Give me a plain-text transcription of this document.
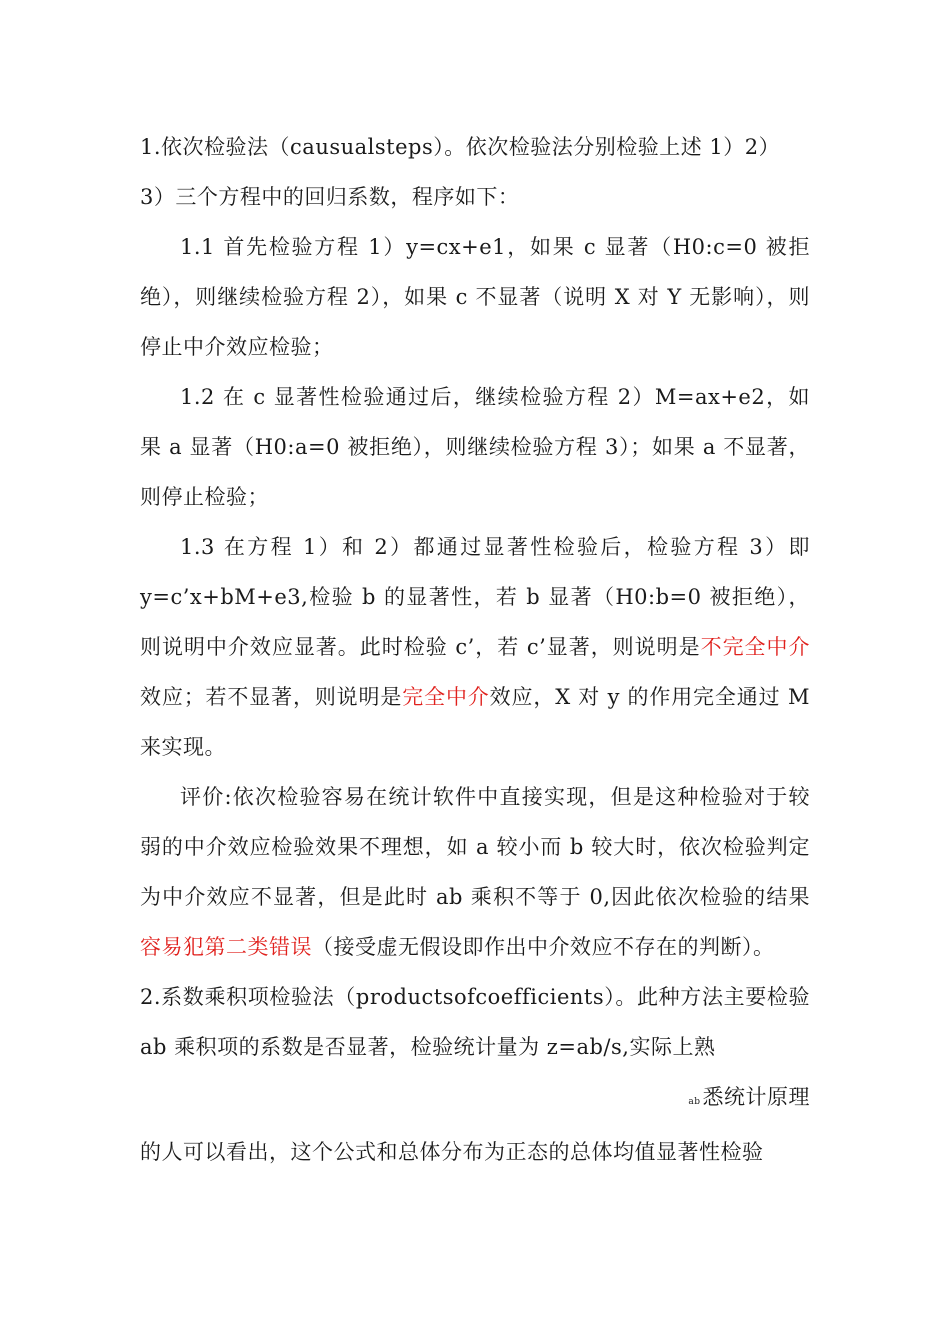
1.依次检验法（causualsteps）。依次检验法分别检验上述 1）2）

3）三个方程中的回归系数，程序如下：

1.1 首先检验方程 1）y=cx+e1，如果 c 显著（H0:c=0 被拒绝），则继续检验方程 2），如果 c 不显著（说明 X 对 Y 无影响），则停止中介效应检验；

1.2 在 c 显著性检验通过后，继续检验方程 2）M=ax+e2，如果 a 显著（H0:a=0 被拒绝），则继续检验方程 3）；如果 a 不显著，则停止检验；

1.3 在方程 1）和 2）都通过显著性检验后，检验方程 3）即 y=c’x+bM+e3,检验 b 的显著性，若 b 显著（H0:b=0 被拒绝），则说明中介效应显著。此时检验 c’，若 c’显著，则说明是不完全中介效应；若不显著，则说明是完全中介效应，X 对 y 的作用完全通过 M 来实现。

评价:依次检验容易在统计软件中直接实现，但是这种检验对于较弱的中介效应检验效果不理想，如 a 较小而 b 较大时，依次检验判定为中介效应不显著，但是此时 ab 乘积不等于 0,因此依次检验的结果容易犯第二类错误（接受虚无假设即作出中介效应不存在的判断）。

2.系数乘积项检验法（productsofcoefficients）。此种方法主要检验 ab 乘积项的系数是否显著，检验统计量为 z=ab/s,实际上熟

ab悉统计原理

的人可以看出，这个公式和总体分布为正态的总体均值显著性检验
